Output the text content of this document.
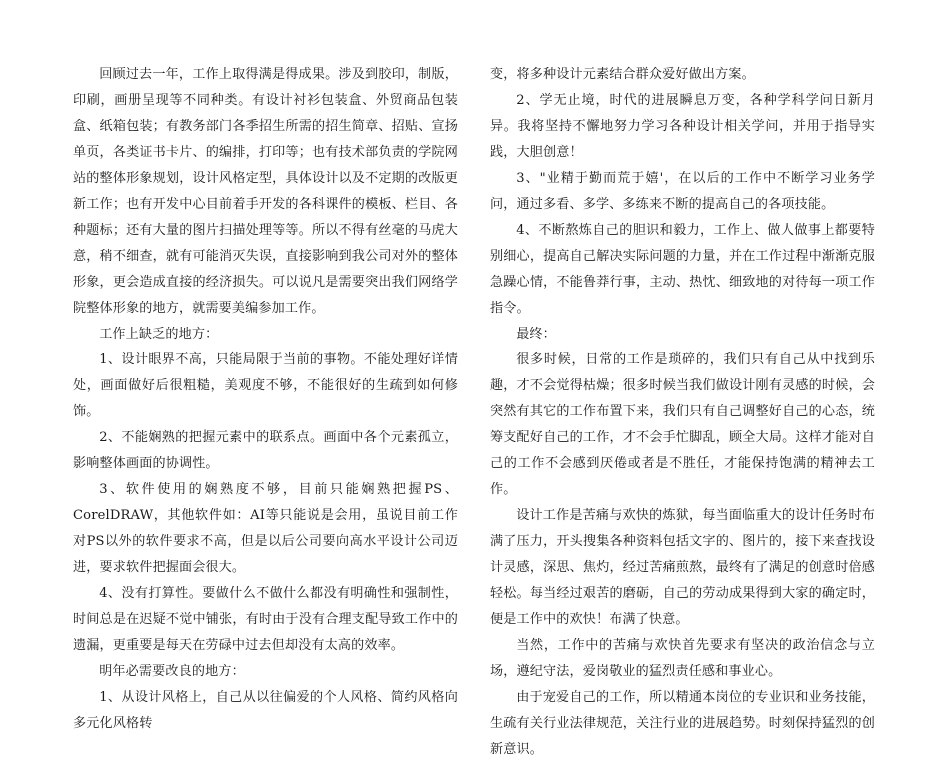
回顾过去一年，工作上取得满是得成果。涉及到胶印，制版，印刷，画册呈现等不同种类。有设计衬衫包装盒、外贸商品包装盒、纸箱包装；有教务部门各季招生所需的招生简章、招贴、宣扬单页，各类证书卡片、的编排，打印等；也有技术部负责的学院网站的整体形象规划，设计风格定型，具体设计以及不定期的改版更新工作；也有开发中心目前着手开发的各科课件的模板、栏目、各种题标；还有大量的图片扫描处理等等。所以不得有丝毫的马虎大意，稍不细查，就有可能消灭失误，直接影响到我公司对外的整体形象，更会造成直接的经济损失。可以说凡是需要突出我们网络学院整体形象的地方，就需要美编参加工作。

工作上缺乏的地方：

1、设计眼界不高，只能局限于当前的事物。不能处理好详情处，画面做好后很粗糙，美观度不够，不能很好的生疏到如何修饰。

2、不能娴熟的把握元素中的联系点。画面中各个元素孤立，影响整体画面的协调性。

3、软件使用的娴熟度不够，目前只能娴熟把握PS、CorelDRAW，其他软件如：AI等只能说是会用，虽说目前工作对PS以外的软件要求不高，但是以后公司要向高水平设计公司迈进，要求软件把握面会很大。

4、没有打算性。要做什么不做什么都没有明确性和强制性，时间总是在迟疑不觉中铺张，有时由于没有合理支配导致工作中的遗漏，更重要是每天在劳碌中过去但却没有太高的效率。

明年必需要改良的地方：

1、从设计风格上，自己从以往偏爱的个人风格、简约风格向多元化风格转

变，将多种设计元素结合群众爱好做出方案。

2、学无止境，时代的进展瞬息万变，各种学科学问日新月异。我将坚持不懈地努力学习各种设计相关学问，并用于指导实践，大胆创意！

3、"业精于勤而荒于嬉'，在以后的工作中不断学习业务学问，通过多看、多学、多练来不断的提高自己的各项技能。

4、不断熬炼自己的胆识和毅力，工作上、做人做事上都要特别细心，提高自己解决实际问题的力量，并在工作过程中渐渐克服急躁心情，不能鲁莽行事，主动、热忱、细致地的对待每一项工作指令。

最终：

很多时候，日常的工作是琐碎的，我们只有自己从中找到乐趣，才不会觉得枯燥；很多时候当我们做设计刚有灵感的时候，会突然有其它的工作布置下来，我们只有自己调整好自己的心态，统筹支配好自己的工作，才不会手忙脚乱，顾全大局。这样才能对自己的工作不会感到厌倦或者是不胜任，才能保持饱满的精神去工作。

设计工作是苦痛与欢快的炼狱，每当面临重大的设计任务时布满了压力，开头搜集各种资料包括文字的、图片的，接下来查找设计灵感，深思、焦灼，经过苦痛煎熬，最终有了满足的创意时倍感轻松。每当经过艰苦的磨砺，自己的劳动成果得到大家的确定时，便是工作中的欢快！布满了快意。

当然，工作中的苦痛与欢快首先要求有坚决的政治信念与立场，遵纪守法，爱岗敬业的猛烈责任感和事业心。

由于宠爱自己的工作，所以精通本岗位的专业识和业务技能，生疏有关行业法律规范，关注行业的进展趋势。时刻保持猛烈的创新意识。
